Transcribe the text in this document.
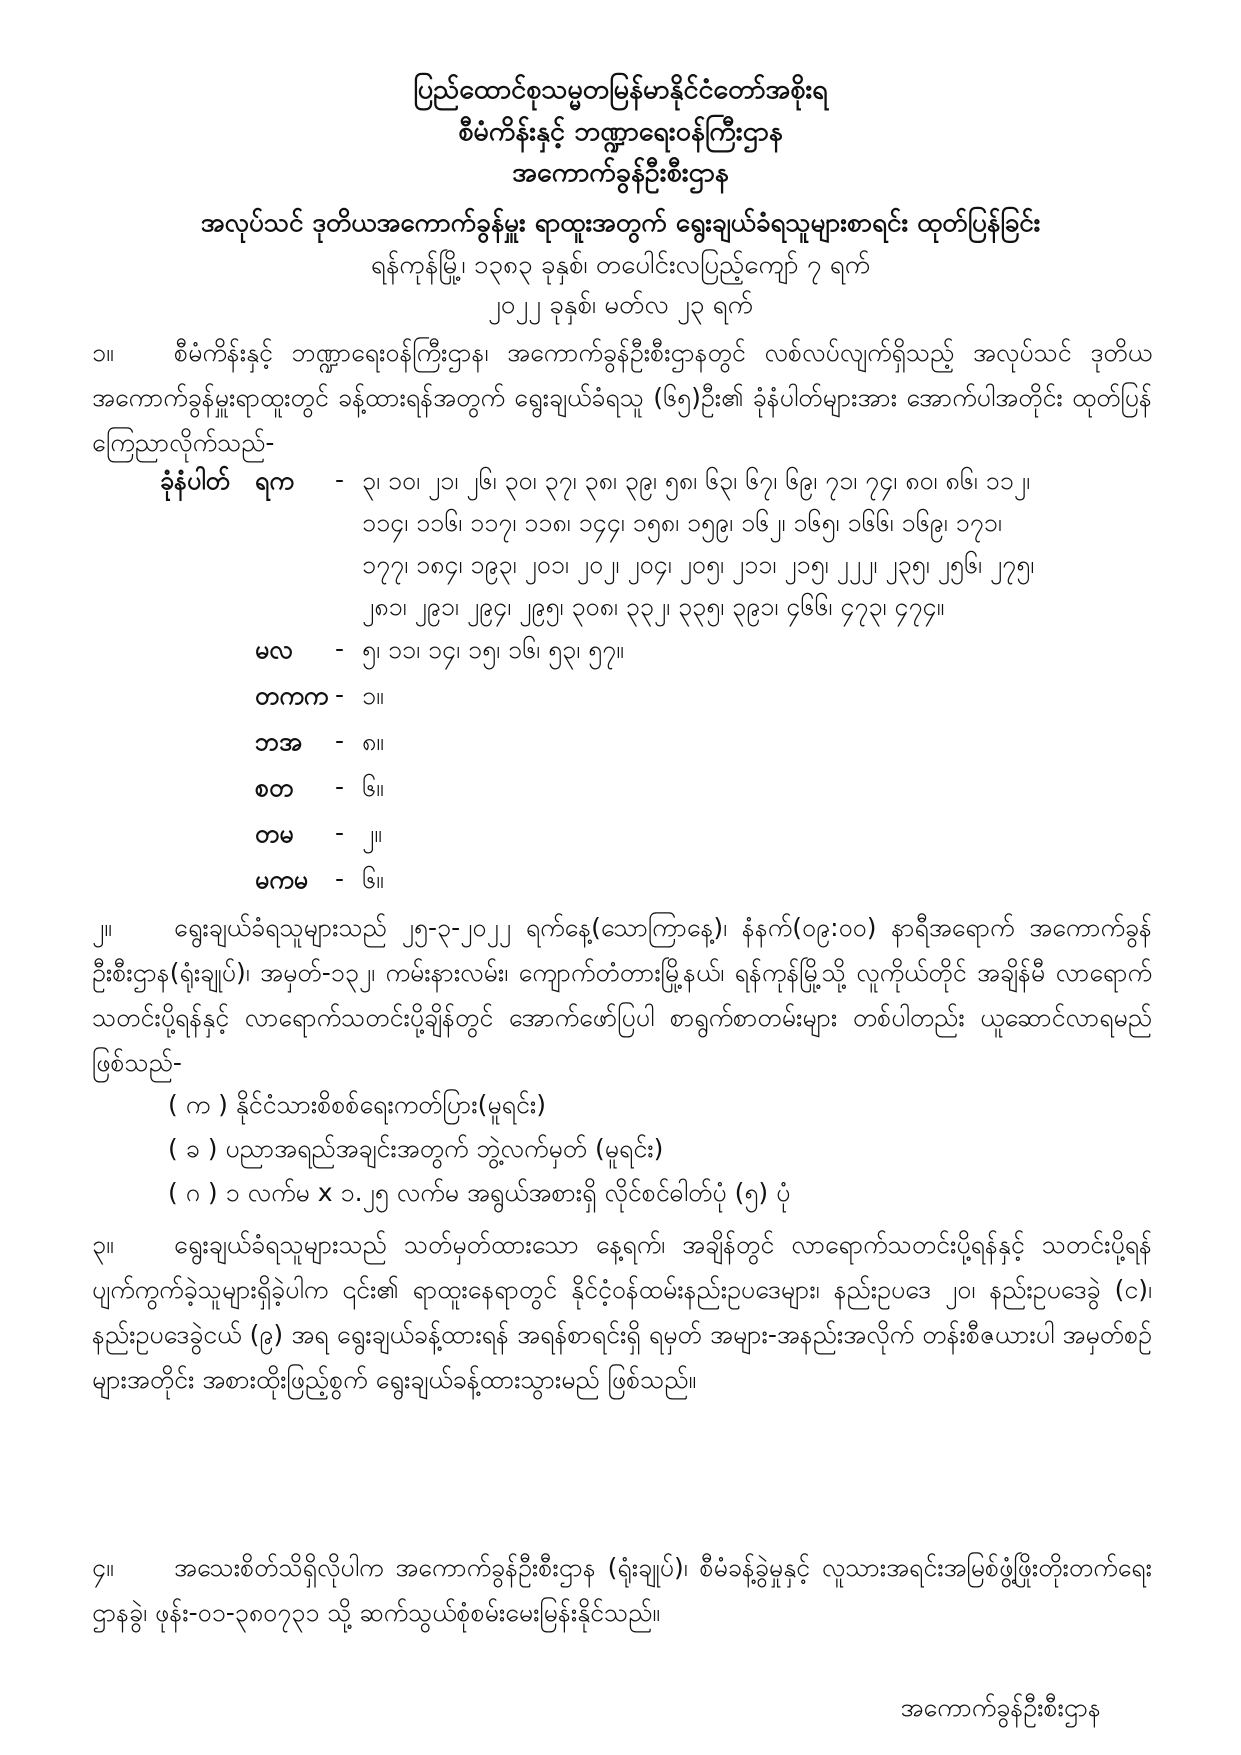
ပြည်ထောင်စုသမ္မတမြန်မာနိုင်ငံတော်အစိုးရ
စီမံကိန်းနှင့် ဘဏ္ဍာရေးဝန်ကြီးဌာန
အကောက်ခွန်ဦးစီးဌာန
အလုပ်သင် ဒုတိယအကောက်ခွန်မှူး ရာထူးအတွက် ရွေးချယ်ခံရသူများစာရင်း ထုတ်ပြန်ခြင်း
ရန်ကုန်မြို့၊ ၁၃၈၃ ခုနှစ်၊ တပေါင်းလပြည့်ကျော် ၇ ရက်
၂၀၂၂ ခုနှစ်၊ မတ်လ ၂၃ ရက်
၁။ စီမံကိန်းနှင့် ဘဏ္ဍာရေးဝန်ကြီးဌာန၊ အကောက်ခွန်ဦးစီးဌာနတွင် လစ်လပ်လျက်ရှိသည့် အလုပ်သင် ဒုတိယအကောက်ခွန်မှူးရာထူးတွင် ခန့်ထားရန်အတွက် ရွေးချယ်ခံရသူ (၆၅)ဦး၏ ခုံနံပါတ်များအား အောက်ပါအတိုင်း ထုတ်ပြန် ကြေညာလိုက်သည်-
ခုံနံပါတ် ရက - ၃၊ ၁၀၊ ၂၁၊ ၂၆၊ ၃၀၊ ၃၇၊ ၃၈၊ ၃၉၊ ၅၈၊ ၆၃၊ ၆၇၊ ၆၉၊ ၇၁၊ ၇၄၊ ၈၀၊ ၈၆၊ ၁၁၂၊
၁၁၄၊ ၁၁၆၊ ၁၁၇၊ ၁၁၈၊ ၁၄၄၊ ၁၅၈၊ ၁၅၉၊ ၁၆၂၊ ၁၆၅၊ ၁၆၆၊ ၁၆၉၊ ၁၇၁၊
၁၇၇၊ ၁၈၄၊ ၁၉၃၊ ၂၀၁၊ ၂၀၂၊ ၂၀၄၊ ၂၀၅၊ ၂၁၁၊ ၂၁၅၊ ၂၂၂၊ ၂၃၅၊ ၂၅၆၊ ၂၇၅၊
၂၈၁၊ ၂၉၁၊ ၂၉၄၊ ၂၉၅၊ ၃၀၈၊ ၃၃၂၊ ၃၃၅၊ ၃၉၁၊ ၄၆၆၊ ၄၇၃၊ ၄၇၄။
မလ - ၅၊ ၁၁၊ ၁၄၊ ၁၅၊ ၁၆၊ ၅၃၊ ၅၇။
တကက - ၁။
ဘအ - ၈။
စတ - ၆။
တမ - ၂။
မကမ - ၆။
၂။ ရွေးချယ်ခံရသူများသည် ၂၅-၃-၂၀၂၂ ရက်နေ့(သောကြာနေ့)၊ နံနက်(၀၉:၀၀) နာရီအရောက် အကောက်ခွန်ဦးစီးဌာန(ရုံးချုပ်)၊ အမှတ်-၁၃၂၊ ကမ်းနားလမ်း၊ ကျောက်တံတားမြို့နယ်၊ ရန်ကုန်မြို့သို့ လူကိုယ်တိုင် အချိန်မီ လာရောက်သတင်းပို့ရန်နှင့် လာရောက်သတင်းပို့ချိန်တွင် အောက်ဖော်ပြပါ စာရွက်စာတမ်းများ တစ်ပါတည်း ယူဆောင်လာရမည် ဖြစ်သည်-
( က ) နိုင်ငံသားစိစစ်ရေးကတ်ပြား(မူရင်း)
( ခ ) ပညာအရည်အချင်းအတွက် ဘွဲ့လက်မှတ် (မူရင်း)
( ဂ ) ၁ လက်မ x ၁.၂၅ လက်မ အရွယ်အစားရှိ လိုင်စင်ဓါတ်ပုံ (၅) ပုံ
၃။ ရွေးချယ်ခံရသူများသည် သတ်မှတ်ထားသော နေ့ရက်၊ အချိန်တွင် လာရောက်သတင်းပို့ရန်နှင့် သတင်းပို့ရန် ပျက်ကွက်ခဲ့သူများရှိခဲ့ပါက ၎င်း၏ ရာထူးနေရာတွင် နိုင်ငံ့ဝန်ထမ်းနည်းဥပဒေများ၊ နည်းဥပဒေ ၂၀၊ နည်းဥပဒေခွဲ (င)၊ နည်းဥပဒေခွဲငယ် (၉) အရ ရွေးချယ်ခန့်ထားရန် အရန်စာရင်းရှိ ရမှတ် အများ-အနည်းအလိုက် တန်းစီဇယားပါ အမှတ်စဉ်များအတိုင်း အစားထိုးဖြည့်စွက် ရွေးချယ်ခန့်ထားသွားမည် ဖြစ်သည်။
၄။ အသေးစိတ်သိရှိလိုပါက အကောက်ခွန်ဦးစီးဌာန (ရုံးချုပ်)၊ စီမံခန့်ခွဲမှုနှင့် လူသားအရင်းအမြစ်ဖွံ့ဖြိုးတိုးတက်ရေးဌာနခွဲ၊ ဖုန်း-၀၁-၃၈၀၇၃၁ သို့ ဆက်သွယ်စုံစမ်းမေးမြန်းနိုင်သည်။
အကောက်ခွန်ဦးစီးဌာန
